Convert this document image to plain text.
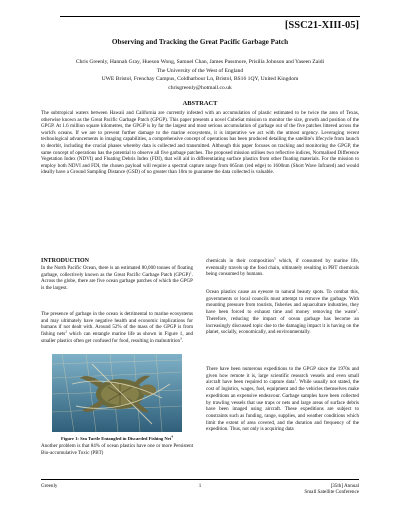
[SSC21-XIII-05]
Observing and Tracking the Great Pacific Garbage Patch
Chris Greenly, Hannah Gray, Hueson Wong, Samuel Chan, James Passmore, Prisilla Johnson and Yaseen Zaidi
The University of the West of England
UWE Bristol, Frenchay Campus, Coldharbour Ln, Bristol, BS16 1QY, United Kingdom
chrisgreenly@hotmail.co.uk
ABSTRACT
The subtropical waters between Hawaii and California are currently infested with an accumulation of plastic estimated to be twice the area of Texas, otherwise known as the Great Pacific Garbage Patch (GPGP). This paper presents a novel CubeSat mission to monitor the size, growth and position of the GPGP. At 1.6 million square kilometres, the GPGP is by far the largest and most serious accumulation of garbage out of the five patches littered across the world's oceans. If we are to prevent further damage to the marine ecosystems, it is imperative we act with the utmost urgency. Leveraging recent technological advancements in imaging capabilities, a comprehensive concept of operations has been produced detailing the satellite's lifecycle from launch to deorbit, including the crucial phases whereby data is collected and transmitted. Although this paper focuses on tracking and monitoring the GPGP, the same concept of operations has the potential to observe all five garbage patches. The proposed mission utilises two reflective indices, Normalised Difference Vegetation Index (NDVI) and Floating Debris Index (FDI), that will aid in differentiating surface plastics from other floating materials. For the mission to employ both NDVI and FDI, the chosen payload will require a spectral capture range from 665nm (red edge) to 1600nm (Short Wave Infrared) and would ideally have a Ground Sampling Distance (GSD) of no greater than 10m to guarantee the data collected is valuable.
INTRODUCTION
In the North Pacific Ocean, there is an estimated 80,000 tonnes of floating garbage, collectively known as the Great Pacific Garbage Patch (GPGP)$^1$. Across the globe, there are five ocean garbage patches of which the GPGP is the largest.
The presence of garbage in the ocean is detrimental to marine ecosystems and may ultimately have negative health and economic implications for humans if not dealt with. Around 52% of the mass of the GPGP is from fishing nets$^2$ which can entangle marine life as shown in Figure 1, and smaller plastics often get confused for food, resulting in malnutrition$^3$.
Figure 1: Sea Turtle Entangled in Discarded Fishing Net$^4$
Another problem is that 84% of ocean plastics have one or more Persistent Bio-accumulative Toxic (PBT)
chemicals in their composition$^5$ which, if consumed by marine life, eventually travels up the food chain, ultimately resulting in PBT chemicals being consumed by humans.
Ocean plastics cause an eyesore to natural beauty spots. To combat this, governments or local councils must attempt to remove the garbage. With mounting pressure from tourists, fisheries and aquaculture industries, they have been forced to exhaust time and money removing the waste$^1$. Therefore, reducing the impact of ocean garbage has become an increasingly discussed topic due to the damaging impact it is having on the planet, socially, economically, and environmentally.
There have been numerous expeditions to the GPGP since the 1970s and given how remote it is, large scientific research vessels and even small aircraft have been required to capture data$^1$. While usually not stated, the cost of logistics, wages, fuel, equipment and the vehicles themselves make expeditions an expensive endeavour. Garbage samples have been collected by trawling vessels that use traps or nets and large areas of surface debris have been imaged using aircraft. These expeditions are subject to constraints such as funding, range, supplies, and weather conditions which limit the extent of area covered, and the duration and frequency of the expedition. Thus, not only is acquiring data
Greenly	1	[35th] Annual
Small Satellite Conference
